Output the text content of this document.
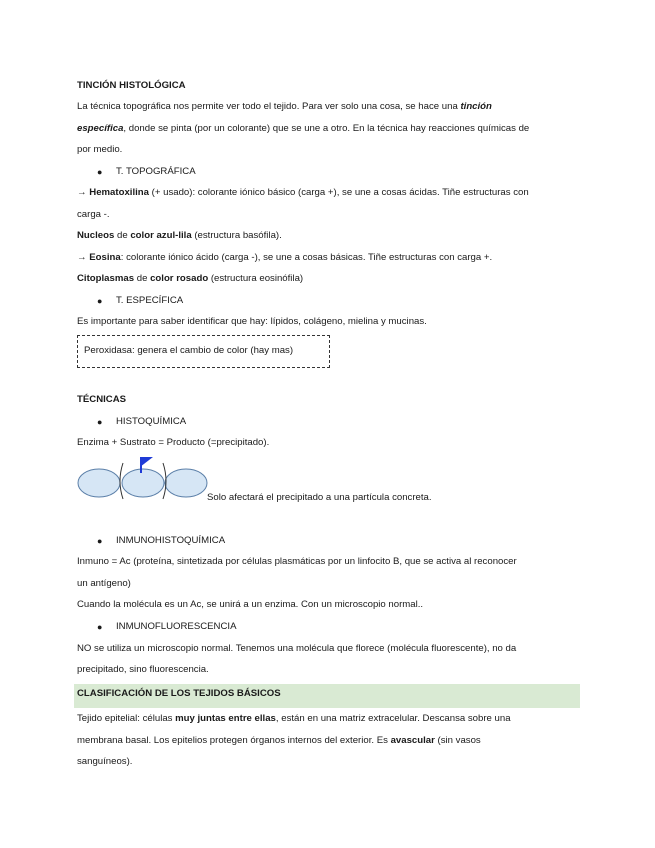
TINCIÓN HISTOLÓGICA
La técnica topográfica nos permite ver todo el tejido. Para ver solo una cosa, se hace una tinción
específica, donde se pinta (por un colorante) que se une a otro. En la técnica hay reacciones químicas de
por medio.
● T. TOPOGRÁFICA
→ Hematoxilina (+ usado): colorante iónico básico (carga +), se une a cosas ácidas. Tiñe estructuras con
carga -.
Nucleos de color azul-lila (estructura basófila).
→ Eosina: colorante iónico ácido (carga -), se une a cosas básicas. Tiñe estructuras con carga +.
Citoplasmas de color rosado (estructura eosinófila)
● T. ESPECÍFICA
Es importante para saber identificar que hay: lípidos, colágeno, mielina y mucinas.
Peroxidasa: genera el cambio de color (hay mas)
TÉCNICAS
● HISTOQUÍMICA
Enzima + Sustrato = Producto (=precipitado).
Solo afectará el precipitado a una partícula concreta.
● INMUNOHISTOQUÍMICA
Inmuno = Ac (proteína, sintetizada por células plasmáticas por un linfocito B, que se activa al reconocer
un antígeno)
Cuando la molécula es un Ac, se unirá a un enzima. Con un microscopio normal..
● INMUNOFLUORESCENCIA
NO se utiliza un microscopio normal. Tenemos una molécula que florece (molécula fluorescente), no da
precipitado, sino fluorescencia.
CLASIFICACIÓN DE LOS TEJIDOS BÁSICOS
Tejido epitelial: células muy juntas entre ellas, están en una matriz extracelular. Descansa sobre una
membrana basal. Los epitelios protegen órganos internos del exterior. Es avascular (sin vasos
sanguíneos).
